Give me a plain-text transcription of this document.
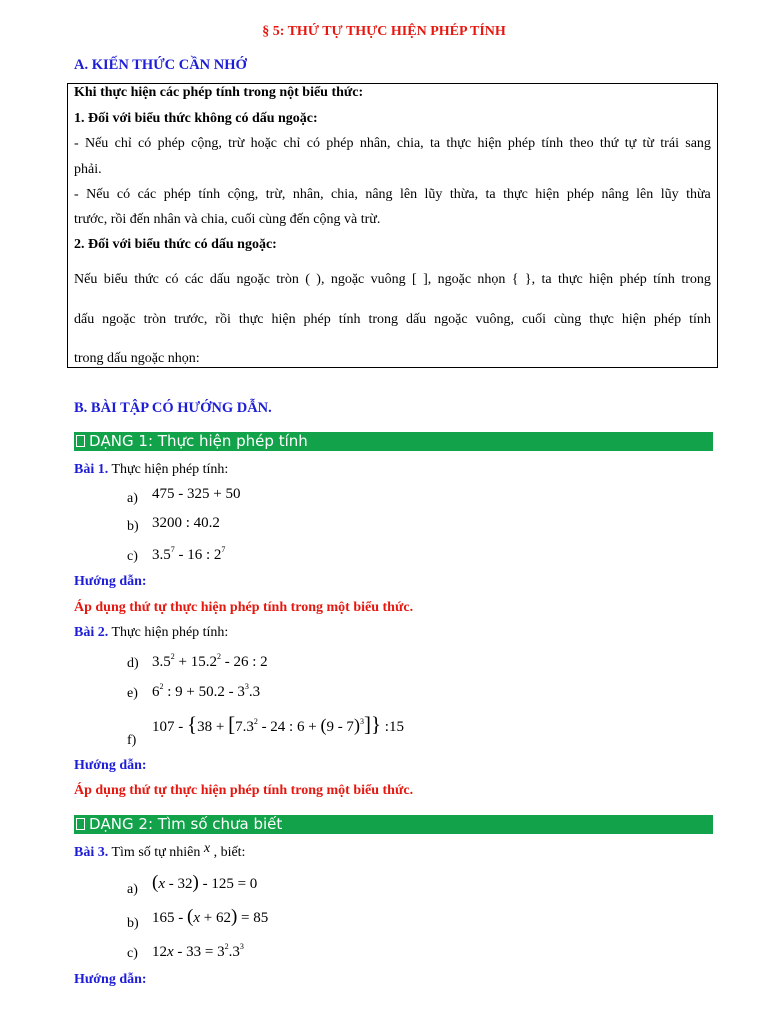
§ 5: THỨ TỰ THỰC HIỆN PHÉP TÍNH
A. KIẾN THỨC CẦN NHỚ
Khi thực hiện các phép tính trong nột biểu thức:
1. Đối với biểu thức không có dấu ngoặc:
- Nếu chỉ có phép cộng, trừ hoặc chỉ có phép nhân, chia, ta thực hiện phép tính theo thứ tự từ trái sang
phải.
- Nếu có các phép tính cộng, trừ, nhân, chia, nâng lên lũy thừa, ta thực hiện phép nâng lên lũy thừa
trước, rồi đến nhân và chia, cuối cùng đến cộng và trừ.
2. Đối với biểu thức có dấu ngoặc:
Nếu biểu thức có các dấu ngoặc tròn ( ), ngoặc vuông [ ], ngoặc nhọn { }, ta thực hiện phép tính trong
dấu ngoặc tròn trước, rồi thực hiện phép tính trong dấu ngoặc vuông, cuối cùng thực hiện phép tính
trong dấu ngoặc nhọn:
B. BÀI TẬP CÓ HƯỚNG DẪN.
DẠNG 1: Thực hiện phép tính
Bài 1. Thực hiện phép tính:
a) 475 - 325 + 50
b) 3200 : 40.2
c) $3.5^7 - 16$ : $2^7$
Hướng dẫn:
Áp dụng thứ tự thực hiện phép tính trong một biểu thức.
Bài 2. Thực hiện phép tính:
d) $3.5^2 + 15.2^2 - 26$ : 2
e) $6^2$ : $9 + 50.2 - 3^3.3$
f)
$107 - \{38 + [7.3^2 - 24$ : 6 + (9 - 7)$^3$]} :15
Hướng dẫn:
Áp dụng thứ tự thực hiện phép tính trong một biểu thức.
DẠNG 2: Tìm số chưa biết
Bài 3. Tìm số tự nhiên x , biết:
a) (x - 32) - 125 = 0
b) 165 - (x + 62) = 85
c) $12x - 33 = 3^2.3^3$
Hướng dẫn:
